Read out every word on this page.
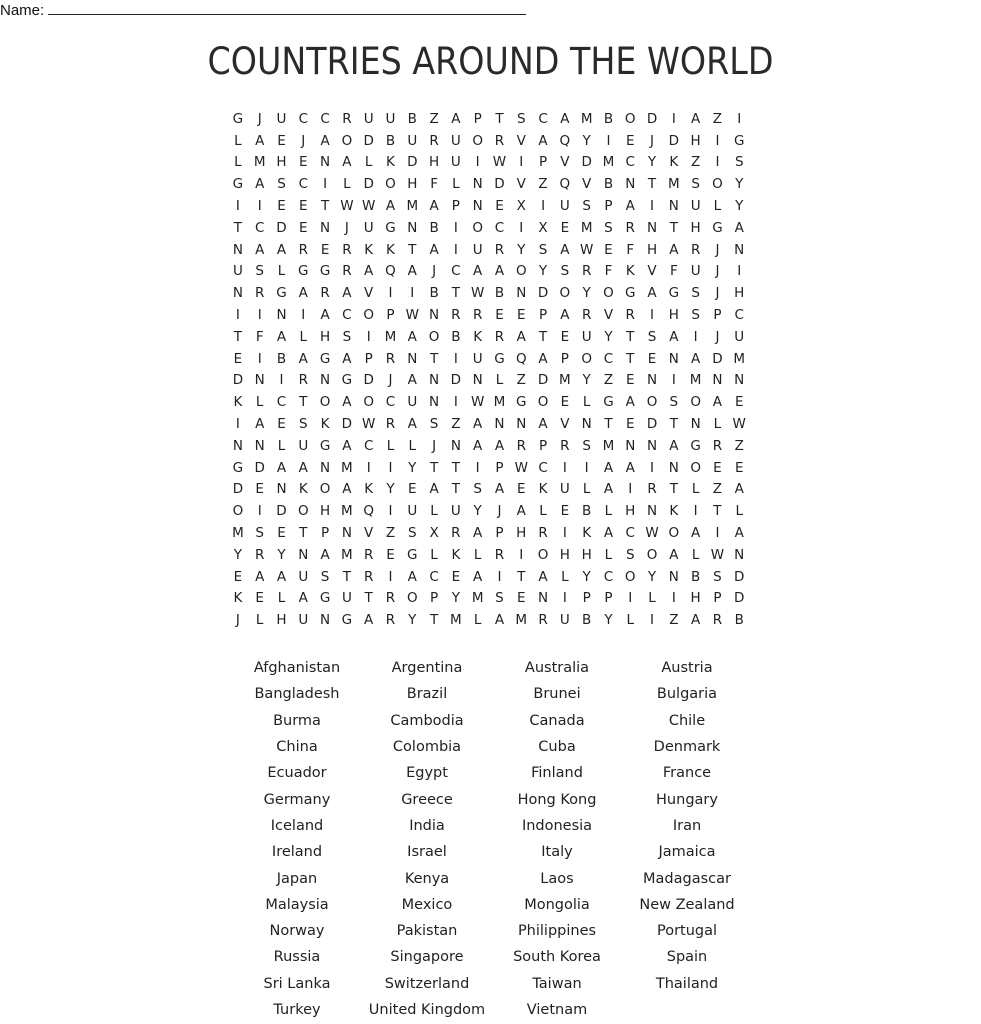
Name:
COUNTRIES AROUND THE WORLD
G	J	U C C R U U B Z A P	T S C A M B O D	I	A Z	I
L A E	J	A O D B U R U O R V A Q Y	I	E	J	D H	I	G
L M H E N A L	K D H U	I W I	P V D M C Y K Z	I	S
G A S C	I	L D O H F	L N D V Z Q V B N T M S O Y
I	I	E E T W W A M A P N E X	I	U S P A	I	N U L	Y
T C D E N	J	U G N B	I	O C	I	X E M S R N T H G A
N A A R E R K K T A	I	U R Y S A W E	F H A R	J	N
U S	L G G R A Q A	J	C A A O Y S R F K V F U	J	I
N R G A R A V	I	I	B T W B N D O Y O G A G S	J	H
I	I	N	I	A C O P W N R R E E P A R V R	I	H S P C
T	F A L H S	I	M A O B K R A T E U Y	T S A	I	J	U
E	I	B A G A P R N T	I	U G Q A P O C T E N A D M
D N	I	R N G D	J	A N D N L Z D M Y Z E N	I	M N N
K	L C T O A O C U N	I W M G O E	L G A O S O A E
I	A E S K D W R A S Z A N N A V N T E D T N L W
N N L U G A C L	L	J	N A A R P R S M N N A G R Z
G D A A N M	I	I	Y	T	T	I	P W C	I	I	A A	I	N O E E
D E N K O A K Y E A T S A E K U L A	I	R T	L Z A
O	I	D O H M Q	I	U L U Y	J	A L	E B L H N K	I	T	L
M S E T	P N V Z S X R A P H R	I	K A C W O A	I	A
Y R Y N A M R E G L	K	L R	I	O H H L	S O A L W N
E A A U S T R	I	A C E A	I	T A L	Y C O Y N B S D
K E	L A G U T R O P	Y M S E N	I	P	P	I	L	I	H P D
J	L H U N G A R Y	T M L A M R U B Y	L	I	Z A R B
Afghanistan	Argentina	Australia	Austria
Bangladesh	Brazil	Brunei	Bulgaria
Burma	Cambodia	Canada	Chile
China	Colombia	Cuba	Denmark
Ecuador	Egypt	Finland	France
Germany	Greece	Hong Kong	Hungary
Iceland	India	Indonesia	Iran
Ireland	Israel	Italy	Jamaica
Japan	Kenya	Laos	Madagascar
Malaysia	Mexico	Mongolia	New Zealand
Norway	Pakistan	Philippines	Portugal
Russia	Singapore	South Korea	Spain
Sri Lanka	Switzerland	Taiwan	Thailand
Turkey	United Kingdom	Vietnam
